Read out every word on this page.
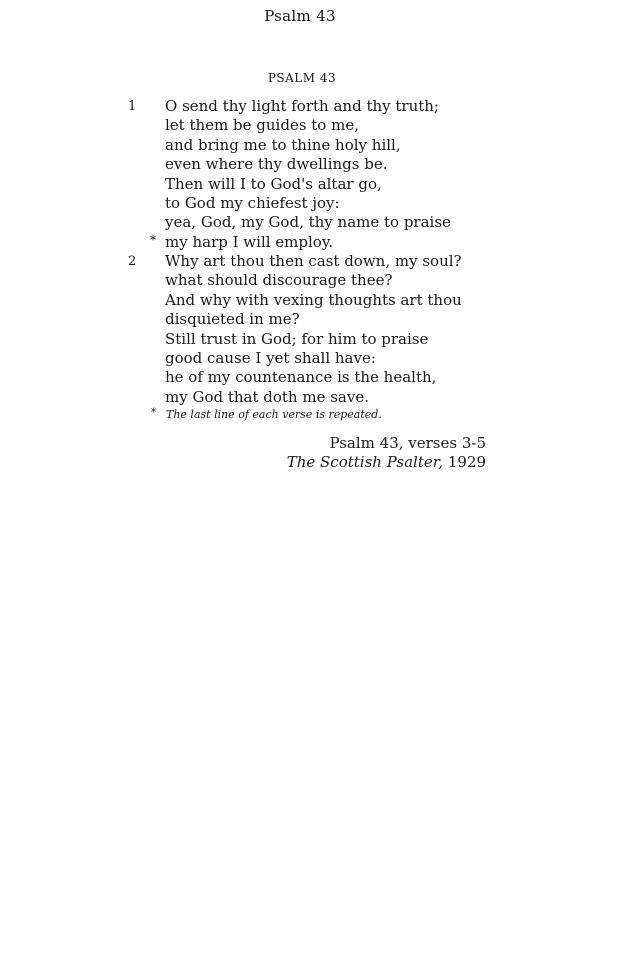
Psalm 43
PSALM 43
1 O send thy light forth and thy truth;
let them be guides to me,
and bring me to thine holy hill,
even where thy dwellings be.
Then will I to God's altar go,
to God my chiefest joy:
yea, God, my God, thy name to praise
* my harp I will employ.
2 Why art thou then cast down, my soul?
what should discourage thee?
And why with vexing thoughts art thou
disquieted in me?
Still trust in God; for him to praise
good cause I yet shall have:
he of my countenance is the health,
my God that doth me save.
* The last line of each verse is repeated.
Psalm 43, verses 3-5
The Scottish Psalter, 1929
